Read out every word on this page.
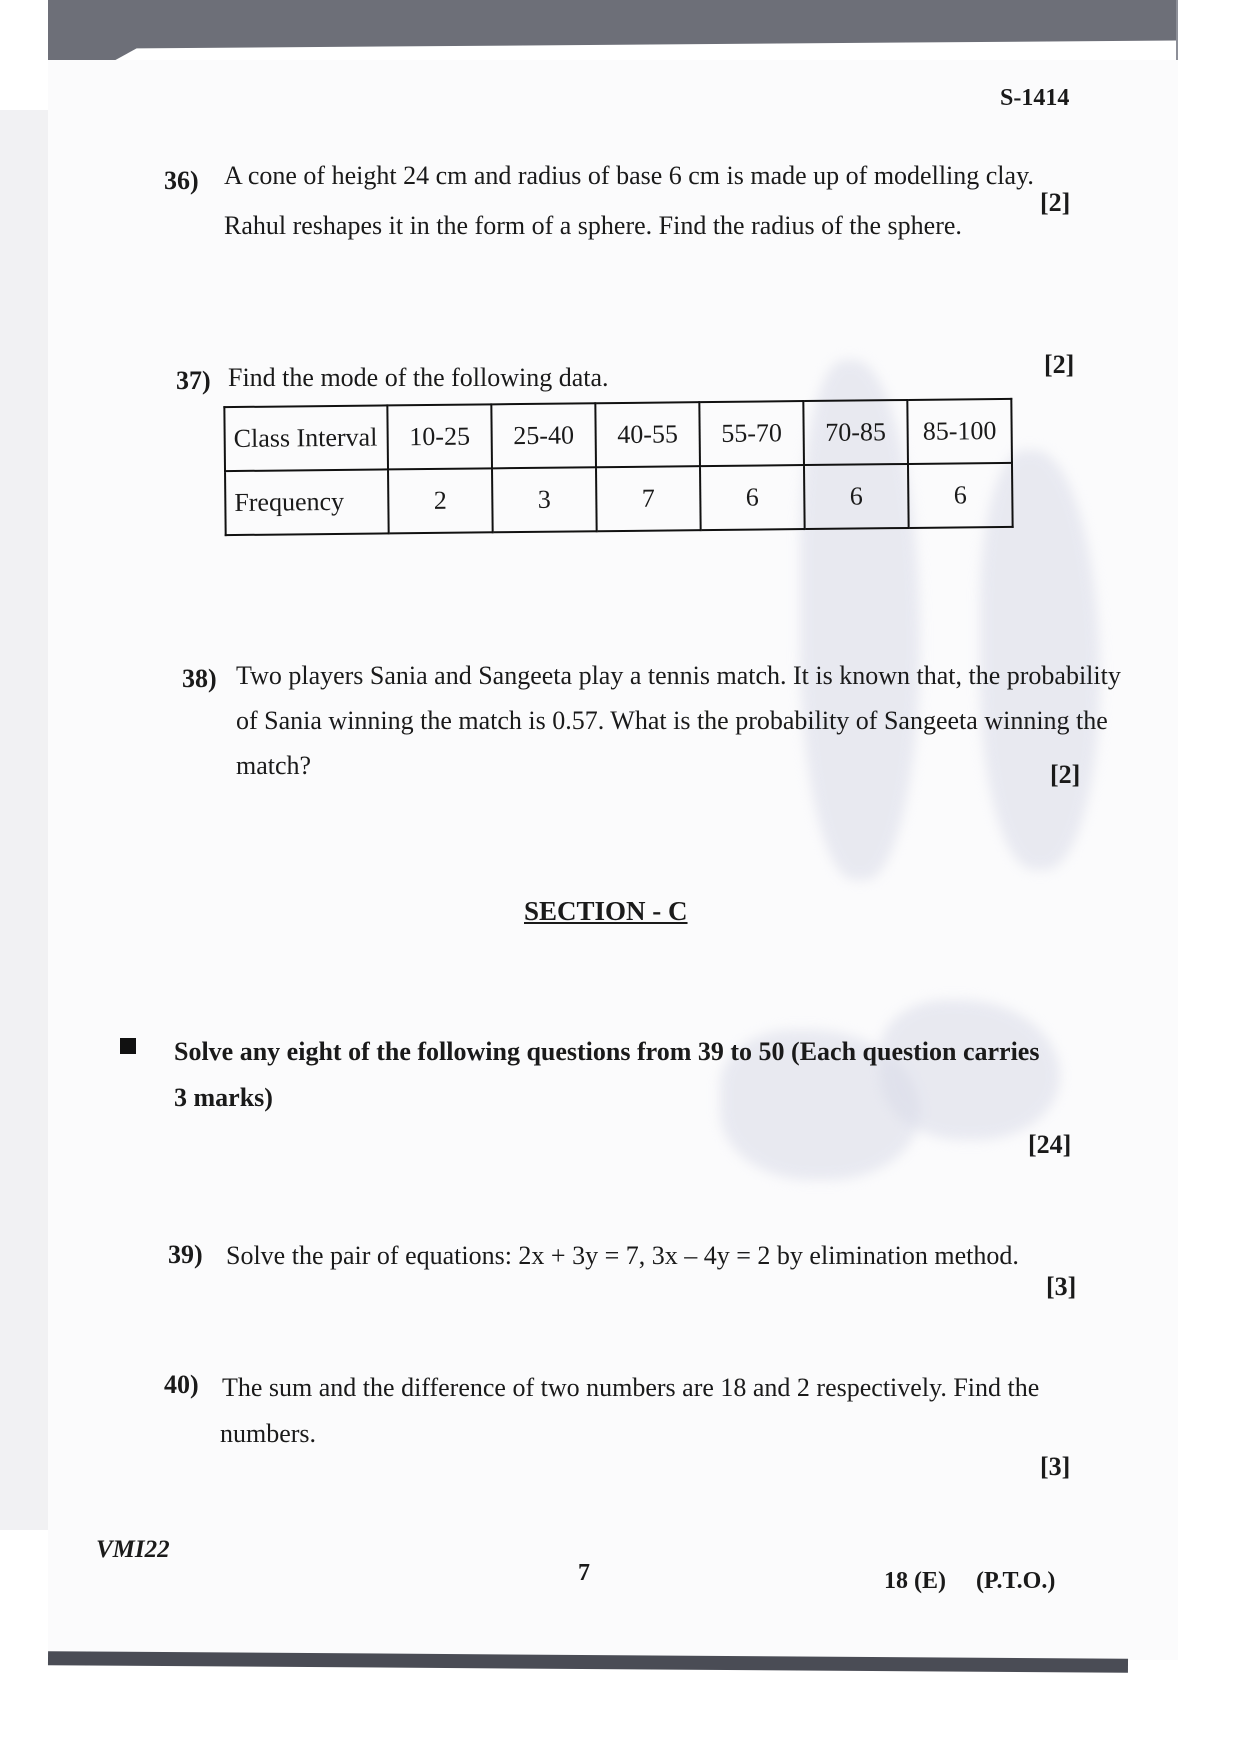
S-1414
36) A cone of height 24 cm and radius of base 6 cm is made up of modelling clay.
Rahul reshapes it in the form of a sphere. Find the radius of the sphere.
[2]
37) Find the mode of the following data.	[2]
Class Interval	10-25	25-40	40-55	55-70	70-85	85-100
Frequency	2	3	7	6	6	6
38) Two players Sania and Sangeeta play a tennis match. It is known that, the probability
of Sania winning the match is 0.57. What is the probability of Sangeeta winning the
match?	[2]
SECTION - C
Solve any eight of the following questions from 39 to 50 (Each question carries
3 marks)
[24]
39) Solve the pair of equations: 2x + 3y = 7, 3x – 4y = 2 by elimination method.
[3]
40) The sum and the difference of two numbers are 18 and 2 respectively. Find the
numbers.
[3]
VMI22
7	18 (E) (P.T.O.)
